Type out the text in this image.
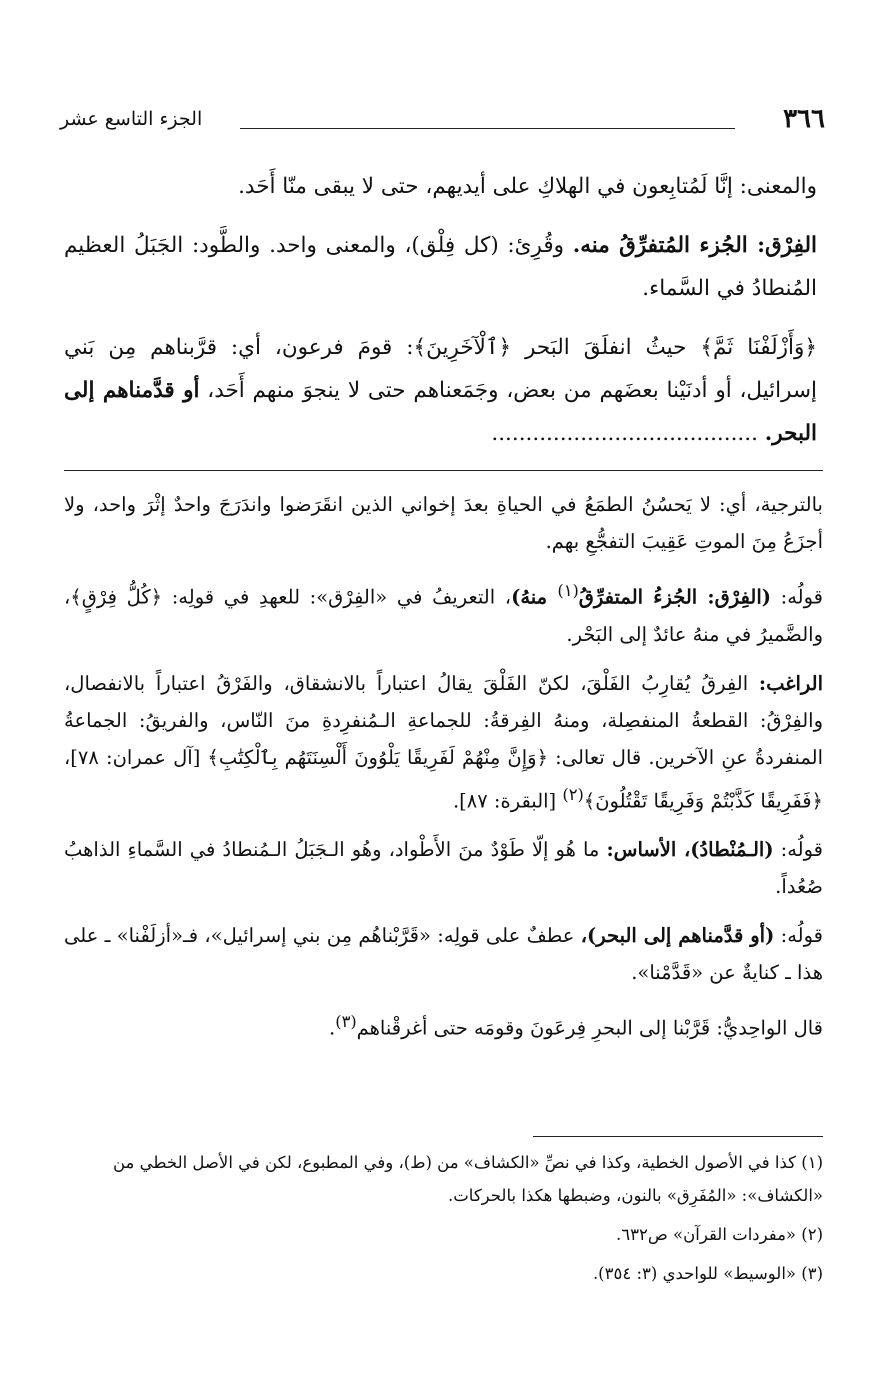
٣٦٦
الجزء التاسع عشر

والمعنى: إنَّا لَمُتابِعون في الهلاكِ على أيديهم، حتى لا يبقى منّا أَحَد.

الفِرْق: الجُزء المُتفرِّقُ منه. وقُرِئ: (كل فِلْق)، والمعنى واحد. والطَّود: الجَبَلُ العظيم المُنطادُ في السَّماء.

﴿وَأَزْلَفْنَا ثَمَّ﴾ حيثُ انفلَقَ البَحر ﴿ٱلْآخَرِينَ﴾: قومَ فرعون، أي: قرَّبناهم مِن بَني إسرائيل، أو أدنَيْنا بعضَهم من بعض، وجَمَعناهم حتى لا ينجوَ منهم أَحَد، أو قدَّمناهم إلى البحر. .......................................

بالترجية، أي: لا يَحسُنُ الطمَعُ في الحياةِ بعدَ إخواني الذين انقَرَضوا واندَرَجَ واحدٌ إثْرَ واحد، ولا أجزَعُ مِنَ الموتِ عَقِيبَ التفجُّعِ بهم.

قولُه: (الفِرْق: الجُزءُ المتفرِّقُ$^{(١)}$ منهُ)، التعريفُ في «الفِرْق»: للعهدِ في قولِه: ﴿كُلُّ فِرْقٍ﴾، والضَّميرُ في منهُ عائدٌ إلى البَحْر.

الراغب: الفِرقُ يُقارِبُ الفَلْقَ، لكنّ الفَلْقَ يقالُ اعتباراً بالانشقاق، والفَرْقُ اعتباراً بالانفصال، والفِرْقُ: القطعةُ المنفصِلة، ومنهُ الفِرقةُ: للجماعةِ الـمُنفرِدةِ منَ النّاس، والفريقُ: الجماعةُ المنفردةُ عنِ الآخرين. قال تعالى: ﴿وَإِنَّ مِنْهُمْ لَفَرِيقًا يَلْوُونَ أَلْسِنَتَهُم بِٱلْكِتَٰبِ﴾ [آل عمران: ٧٨]، ﴿فَفَرِيقًا كَذَّبْتُمْ وَفَرِيقًا تَقْتُلُونَ﴾$^{(٢)}$ [البقرة: ٨٧].

قولُه: (الـمُنْطادُ)، الأساس: ما هُو إلّا طَوْدٌ منَ الأَطْواد، وهُو الـجَبَلُ الـمُنطادُ في السَّماءِ الذاهبُ صُعُداً.

قولُه: (أو قدَّمناهم إلى البحر)، عطفٌ على قولِه: «قَرَّبْناهُم مِن بني إسرائيل»، فـ«أزلَفْنا» ـ على هذا ـ كنايةٌ عن «قَدَّمْنا».

قال الواحِديُّ: قَرَّبْنا إلى البحرِ فِرعَونَ وقومَه حتى أغرقْناهم$^{(٣)}$.

(١) كذا في الأصول الخطية، وكذا في نصِّ «الكشاف» من (ط)، وفي المطبوع، لكن في الأصل الخطي من «الكشاف»: «المُفَرِق» بالنون، وضبطها هكذا بالحركات.

(٢) «مفردات القرآن» ص٦٣٢.

(٣) «الوسيط» للواحدي (٣: ٣٥٤).
